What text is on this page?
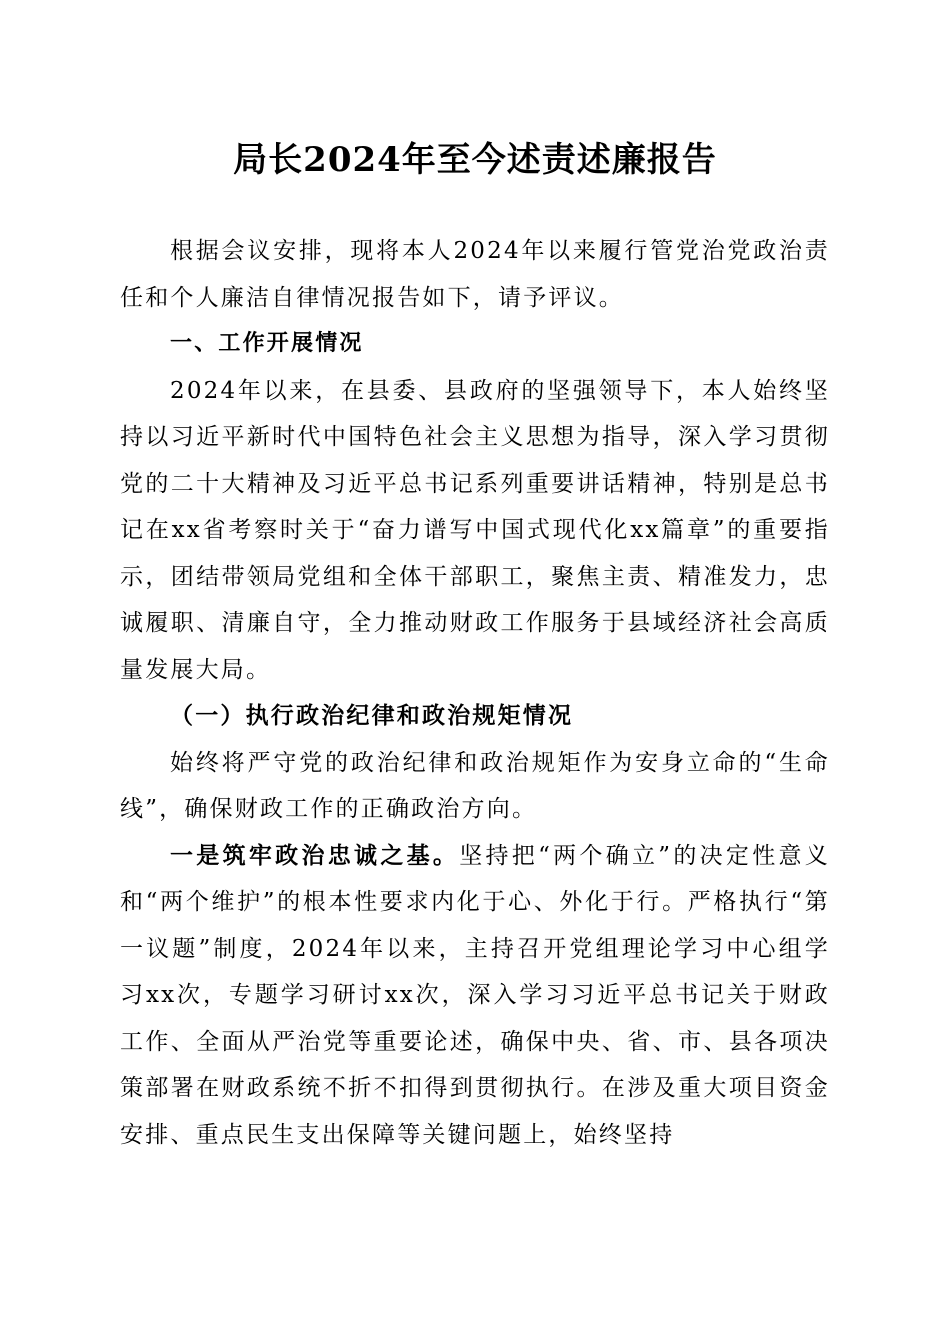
局长2024年至今述责述廉报告

根据会议安排，现将本人2024年以来履行管党治党政治责任和个人廉洁自律情况报告如下，请予评议。

一、工作开展情况

2024年以来，在县委、县政府的坚强领导下，本人始终坚持以习近平新时代中国特色社会主义思想为指导，深入学习贯彻党的二十大精神及习近平总书记系列重要讲话精神，特别是总书记在xx省考察时关于“奋力谱写中国式现代化xx篇章”的重要指示，团结带领局党组和全体干部职工，聚焦主责、精准发力，忠诚履职、清廉自守，全力推动财政工作服务于县域经济社会高质量发展大局。

（一）执行政治纪律和政治规矩情况

始终将严守党的政治纪律和政治规矩作为安身立命的“生命线”，确保财政工作的正确政治方向。

一是筑牢政治忠诚之基。坚持把“两个确立”的决定性意义和“两个维护”的根本性要求内化于心、外化于行。严格执行“第一议题”制度，2024年以来，主持召开党组理论学习中心组学习xx次，专题学习研讨xx次，深入学习习近平总书记关于财政工作、全面从严治党等重要论述，确保中央、省、市、县各项决策部署在财政系统不折不扣得到贯彻执行。在涉及重大项目资金安排、重点民生支出保障等关键问题上，始终坚持
